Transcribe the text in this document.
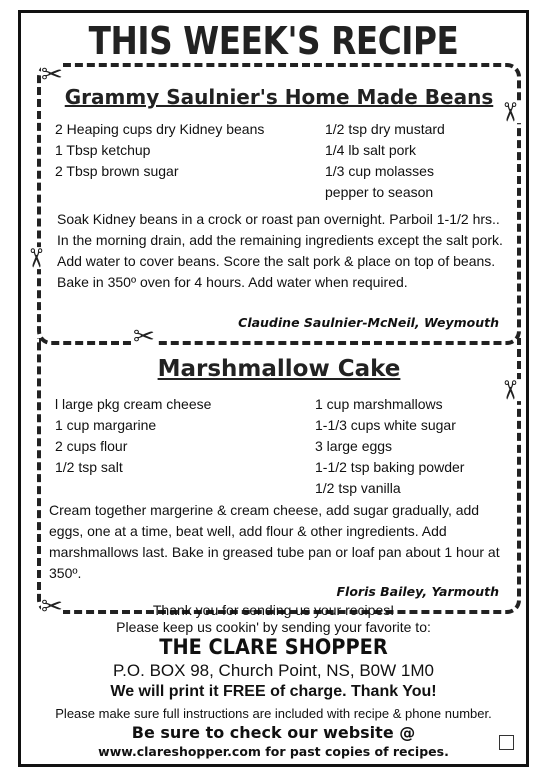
THIS WEEK'S RECIPE
Grammy Saulnier's Home Made Beans
2 Heaping cups dry Kidney beans
1 Tbsp ketchup
2 Tbsp brown sugar
1/2 tsp dry mustard
1/4 lb salt pork
1/3 cup molasses
pepper to season
Soak Kidney beans in a crock or roast pan overnight. Parboil 1-1/2 hrs.. In the morning drain, add the remaining ingredients except the salt pork. Add water to cover beans. Score the salt pork & place on top of beans. Bake in 350º oven for 4 hours. Add water when required.
Claudine Saulnier-McNeil, Weymouth
Marshmallow Cake
l large pkg cream cheese
1 cup margarine
2 cups flour
1/2 tsp salt
1 cup marshmallows
1-1/3 cups white sugar
3 large eggs
1-1/2 tsp baking powder
1/2 tsp vanilla
Cream together margerine & cream cheese, add sugar gradually, add eggs, one at a time, beat well, add flour & other ingredients. Add marshmallows last. Bake in greased tube pan or loaf pan about 1 hour at 350º.
Floris Bailey, Yarmouth
✂
✂
✂
✂
✂
✂	Thank you for sending us your recipes!
Please keep us cookin' by sending your favorite to:
THE CLARE SHOPPER
P.O. BOX 98, Church Point, NS, B0W 1M0
We will print it FREE of charge. Thank You!
Please make sure full instructions are included with recipe & phone number.
Be sure to check our website @
www.clareshopper.com for past copies of recipes.
